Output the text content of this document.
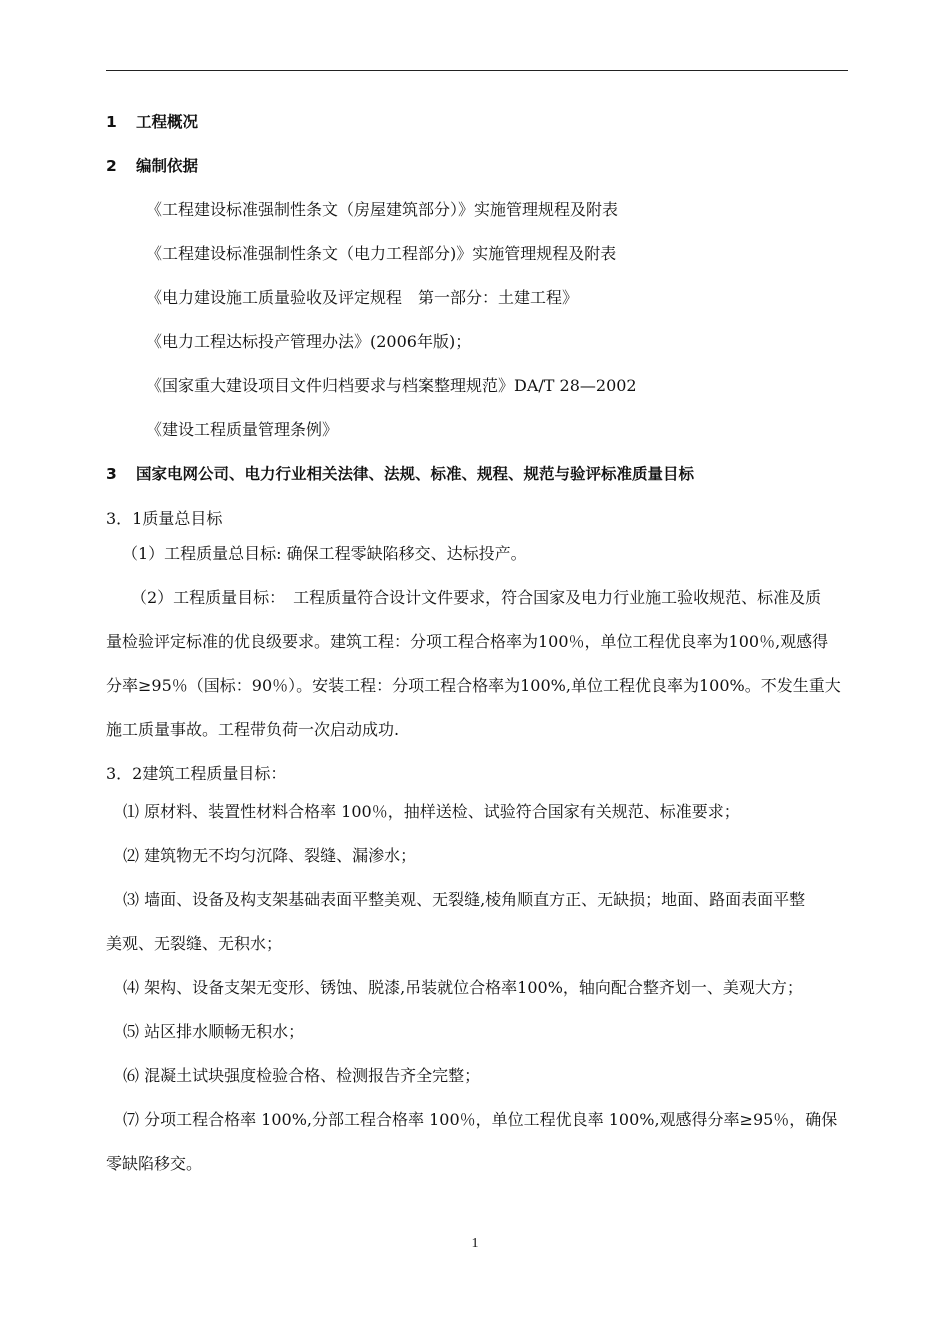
1 工程概况
2 编制依据
《工程建设标准强制性条文（房屋建筑部分）》实施管理规程及附表
《工程建设标准强制性条文（电力工程部分)》实施管理规程及附表
《电力建设施工质量验收及评定规程　第一部分：土建工程》
《电力工程达标投产管理办法》(2006年版)；
《国家重大建设项目文件归档要求与档案整理规范》DA/T 28—2002
《建设工程质量管理条例》
3 国家电网公司、电力行业相关法律、法规、标准、规程、规范与验评标准质量目标
3．1质量总目标
（1）工程质量总目标: 确保工程零缺陷移交、达标投产。
（2）工程质量目标：　工程质量符合设计文件要求，符合国家及电力行业施工验收规范、标准及质
量检验评定标准的优良级要求。建筑工程：分项工程合格率为100％，单位工程优良率为100％,观感得
分率≥95％（国标：90％）。安装工程：分项工程合格率为100%,单位工程优良率为100%。不发生重大
施工质量事故。工程带负荷一次启动成功.
3．2建筑工程质量目标：
⑴ 原材料、装置性材料合格率 100％，抽样送检、试验符合国家有关规范、标准要求；
⑵ 建筑物无不均匀沉降、裂缝、漏渗水；
⑶ 墙面、设备及构支架基础表面平整美观、无裂缝,棱角顺直方正、无缺损；地面、路面表面平整
美观、无裂缝、无积水；
⑷ 架构、设备支架无变形、锈蚀、脱漆,吊装就位合格率100%，轴向配合整齐划一、美观大方；
⑸ 站区排水顺畅无积水；
⑹ 混凝土试块强度检验合格、检测报告齐全完整；
⑺ 分项工程合格率 100%,分部工程合格率 100％，单位工程优良率 100%,观感得分率≥95％，确保
零缺陷移交。
1
